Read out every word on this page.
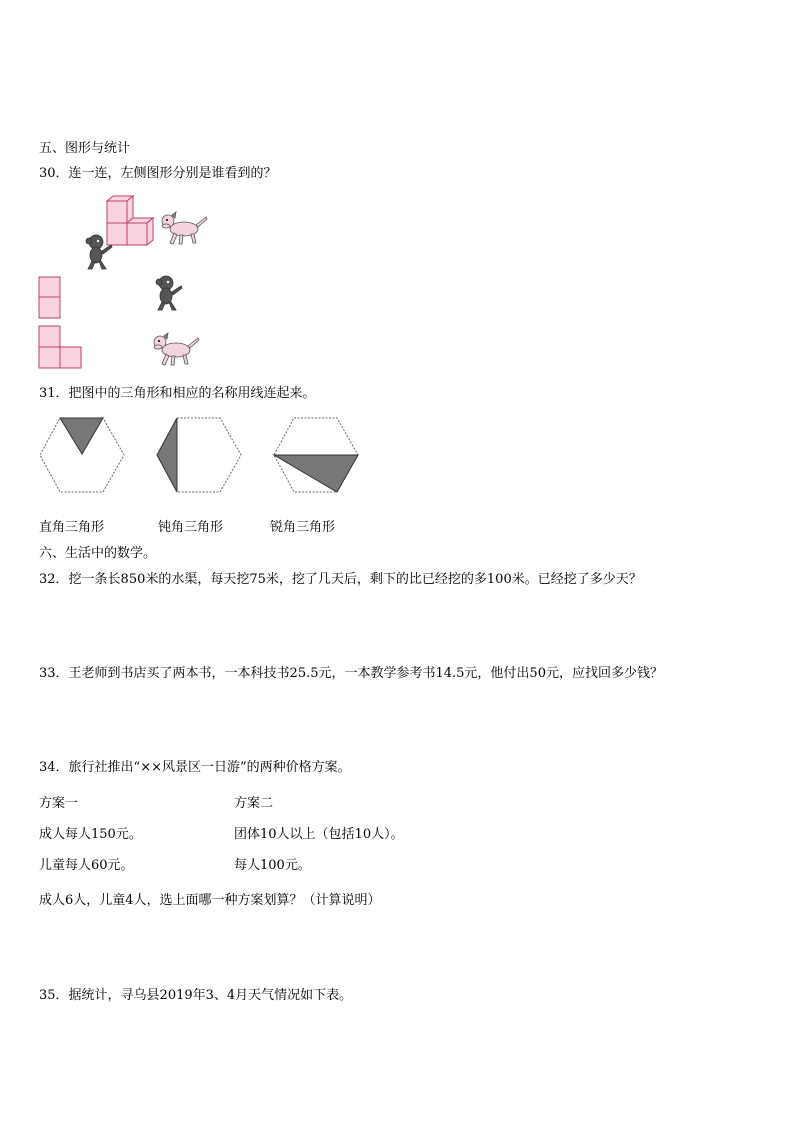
五、图形与统计
30．连一连，左侧图形分别是谁看到的？
31．把图中的三角形和相应的名称用线连起来。
直角三角形	钝角三角形	锐角三角形
六、生活中的数学。
32．挖一条长850米的水渠，每天挖75米，挖了几天后，剩下的比已经挖的多100米。已经挖了多少天？
33．王老师到书店买了两本书，一本科技书25.5元，一本教学参考书14.5元，他付出50元，应找回多少钱？
34．旅行社推出“××风景区一日游”的两种价格方案。
方案一	方案二
成人每人150元。	团体10人以上（包括10人）。
儿童每人60元。	每人100元。
成人6人，儿童4人，选上面哪一种方案划算？（计算说明）
35．据统计，寻乌县2019年3、4月天气情况如下表。
